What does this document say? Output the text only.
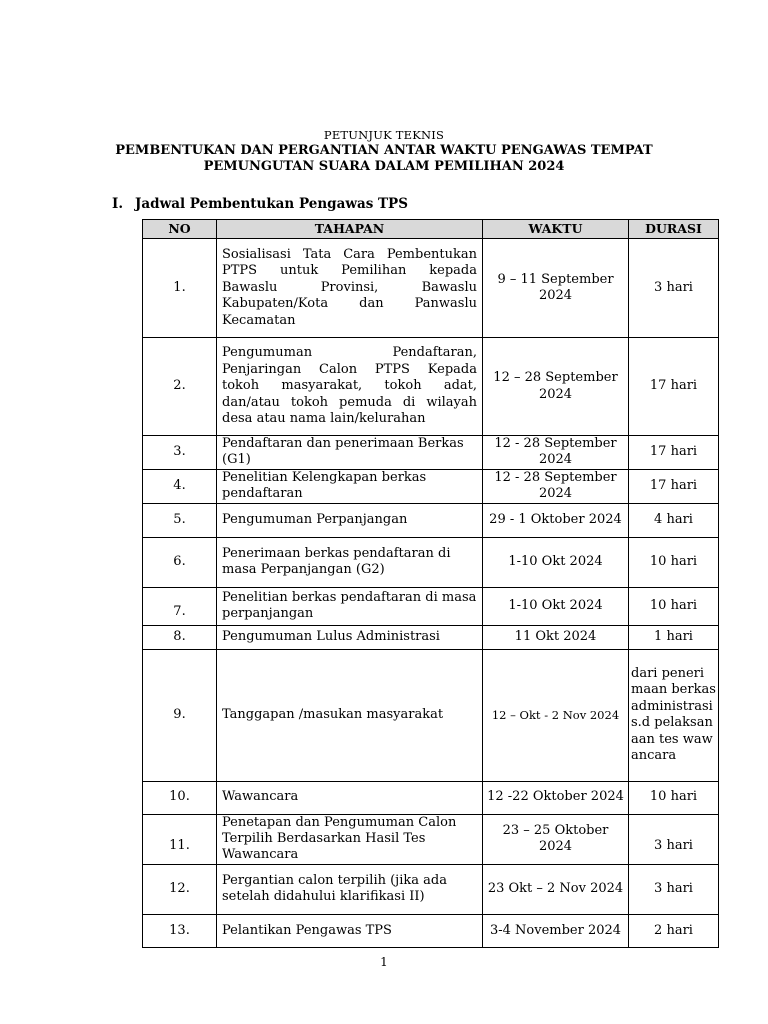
PETUNJUK TEKNIS
PEMBENTUKAN DAN PERGANTIAN ANTAR WAKTU PENGAWAS TEMPAT
PEMUNGUTAN SUARA DALAM PEMILIHAN 2024
I. Jadwal Pembentukan Pengawas TPS
NO	TAHAPAN	WAKTU	DURASI
1.	Sosialisasi Tata Cara Pembentukan PTPS untuk Pemilihan kepada Bawaslu Provinsi, Bawaslu Kabupaten/Kota dan Panwaslu Kecamatan	9 – 11 September 2024	3 hari
2.	Pengumuman Pendaftaran, Penjaringan Calon PTPS Kepada tokoh masyarakat, tokoh adat, dan/atau tokoh pemuda di wilayah desa atau nama lain/kelurahan	12 – 28 September 2024	17 hari
3.	Pendaftaran dan penerimaan Berkas (G1)	12 - 28 September 2024	17 hari
4.	Penelitian Kelengkapan berkas pendaftaran	12 - 28 September 2024	17 hari
5.	Pengumuman Perpanjangan	29 - 1 Oktober 2024	4 hari
6.	Penerimaan berkas pendaftaran di masa Perpanjangan (G2)	1-10 Okt 2024	10 hari
7.	Penelitian berkas pendaftaran di masa perpanjangan	1-10 Okt 2024	10 hari
8.	Pengumuman Lulus Administrasi	11 Okt 2024	1 hari
9.	Tanggapan /masukan masyarakat	12 – Okt - 2 Nov 2024	dari penerimaan berkas administrasi s.d pelaksanaan tes wawancara
10.	Wawancara	12 -22 Oktober 2024	10 hari
11.	Penetapan dan Pengumuman Calon Terpilih Berdasarkan Hasil Tes Wawancara	23 – 25 Oktober 2024	3 hari
12.	Pergantian calon terpilih (jika ada setelah didahului klarifikasi II)	23 Okt – 2 Nov 2024	3 hari
13.	Pelantikan Pengawas TPS	3-4 November 2024	2 hari
1
